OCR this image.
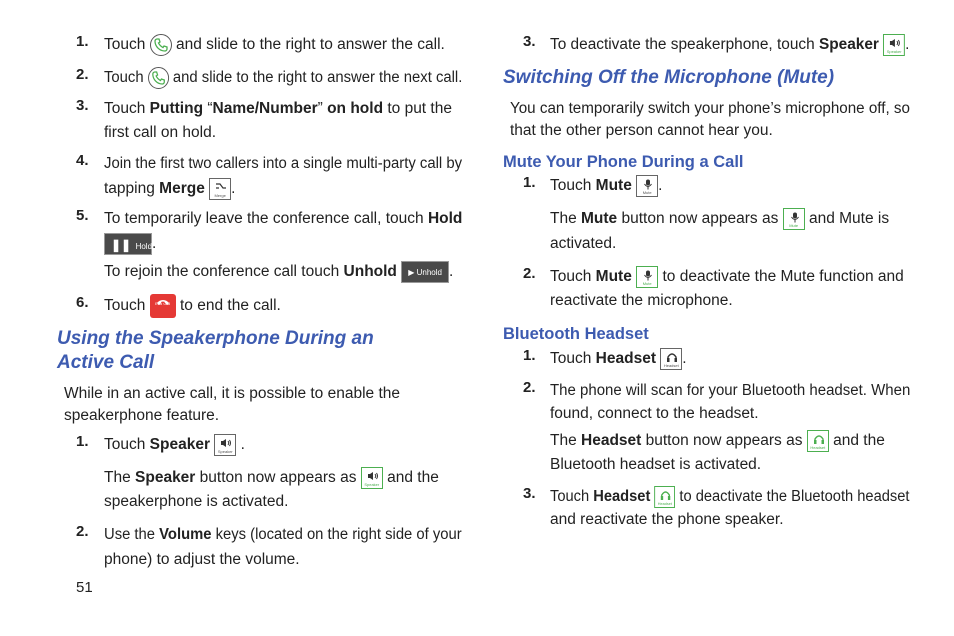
1. Touch and slide to the right to answer the call.
2. Touch and slide to the right to answer the next call.
3. Touch Putting “Name/Number” on hold to put the
first call on hold.
4. Join the first two callers into a single multi-party call by
tapping Merge	Merge .
5. To temporarily leave the conference call, touch Hold
❚❚ Hold.
To rejoin the conference call touch Unhold ▶ Unhold .
6. Touch	End Call to end the call.
Using the Speakerphone During an
Active Call
While in an active call, it is possible to enable the
speakerphone feature.
1. Touch Speaker	Speaker .
The Speaker button now appears as	Speaker and the
speakerphone is activated.
2. Use the Volume keys (located on the right side of your
phone) to adjust the volume.
51
3. To deactivate the speakerphone, touch Speaker	Speaker .
Switching Off the Microphone (Mute)
You can temporarily switch your phone’s microphone off, so
that the other person cannot hear you.
Mute Your Phone During a Call
1. Touch Mute	Mute .
The Mute button now appears as	Mute and Mute is
activated.
2. Touch Mute	Mute to deactivate the Mute function and
reactivate the microphone.
Bluetooth Headset
1. Touch Headset	Headset .
2. The phone will scan for your Bluetooth headset. When
found, connect to the headset.
The Headset button now appears as	Headset and the
Bluetooth headset is activated.
3. Touch Headset	Headset to deactivate the Bluetooth headset
and reactivate the phone speaker.
